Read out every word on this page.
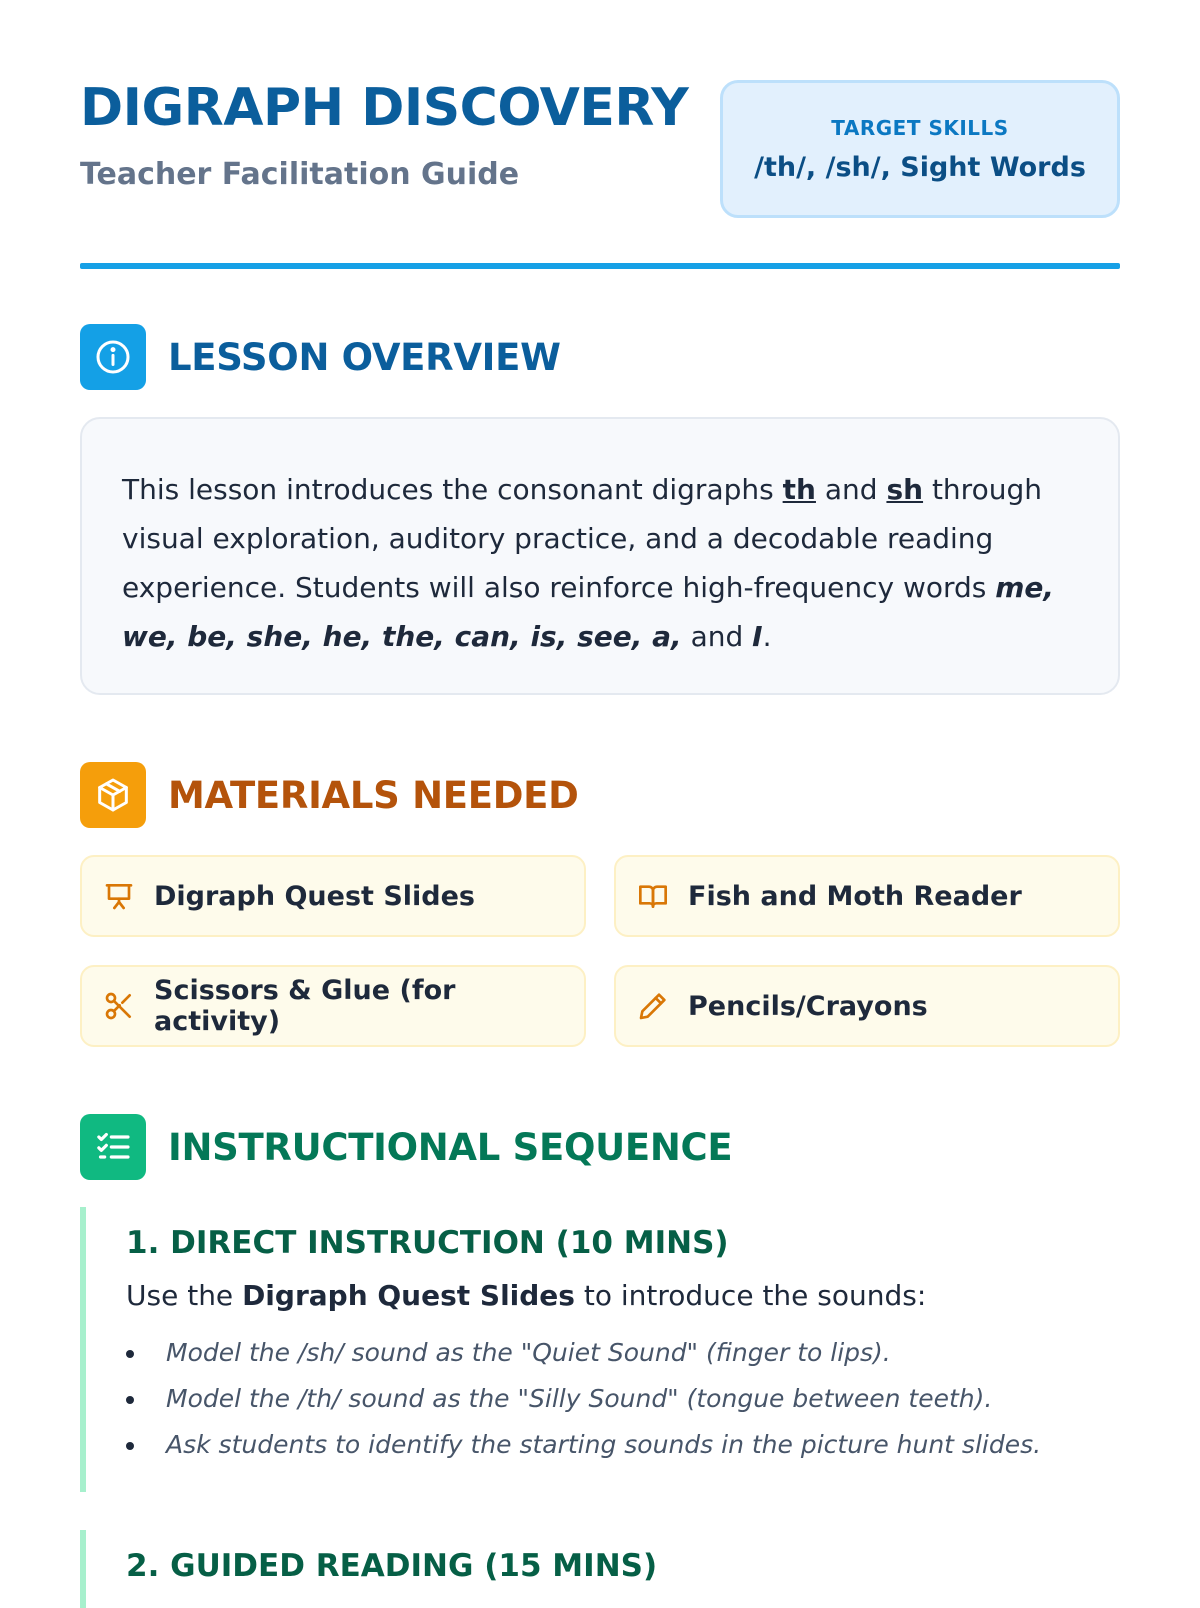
DIGRAPH DISCOVERY
Teacher Facilitation Guide
TARGET SKILLS
/th/, /sh/, Sight Words
LESSON OVERVIEW
This lesson introduces the consonant digraphs th and sh through visual exploration, auditory practice, and a decodable reading experience. Students will also reinforce high-frequency words me, we, be, she, he, the, can, is, see, a, and I.
MATERIALS NEEDED
Digraph Quest Slides	Fish and Moth Reader
Scissors & Glue (for activity)	Pencils/Crayons
INSTRUCTIONAL SEQUENCE
1. DIRECT INSTRUCTION (10 MINS)
Use the Digraph Quest Slides to introduce the sounds:
Model the /sh/ sound as the "Quiet Sound" (finger to lips).
Model the /th/ sound as the "Silly Sound" (tongue between teeth).
Ask students to identify the starting sounds in the picture hunt slides.
2. GUIDED READING (15 MINS)
